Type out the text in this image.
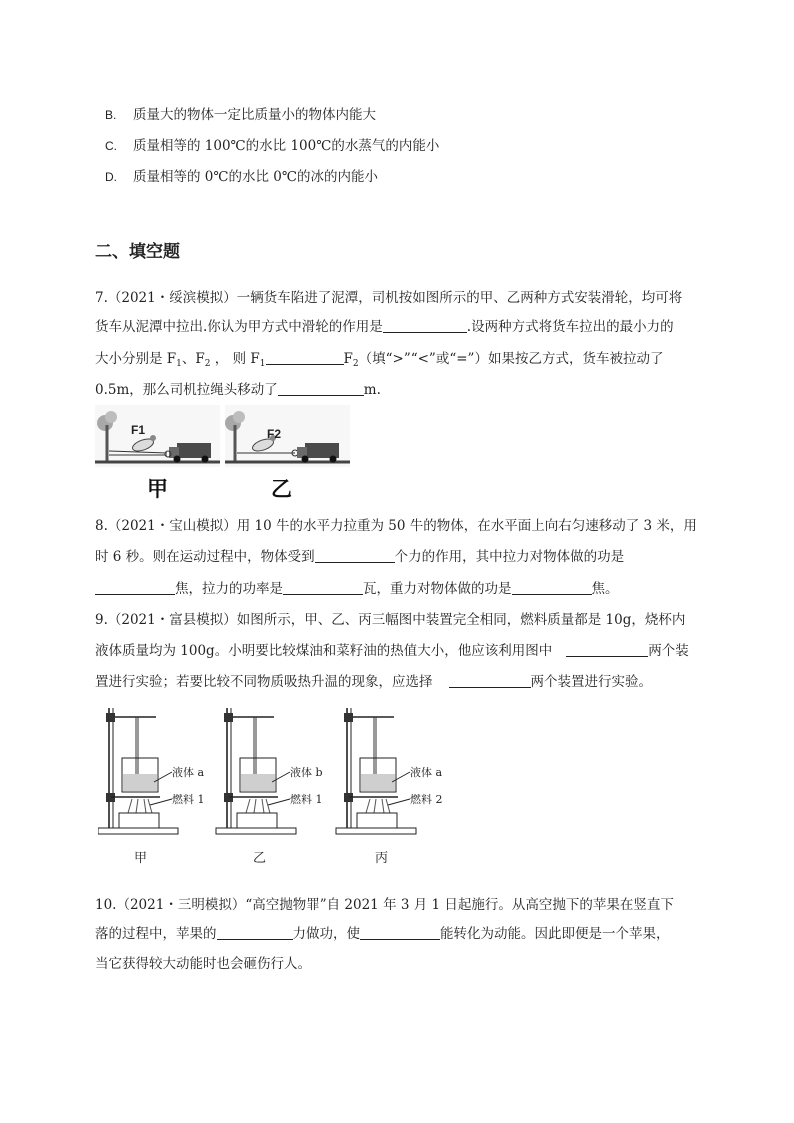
B. 质量大的物体一定比质量小的物体内能大
C. 质量相等的 100℃的水比 100℃的水蒸气的内能小
D. 质量相等的 0℃的水比 0℃的冰的内能小
二、填空题
7.（2021・绥滨模拟）一辆货车陷进了泥潭，司机按如图所示的甲、乙两种方式安装滑轮，均可将
货车从泥潭中拉出.你认为甲方式中滑轮的作用是	.设两种方式将货车拉出的最小力的
大小分别是 $F_1$、$F_2$ ， 则 $F_1$	$F_2$（填“>”“<”或“=”）如果按乙方式，货车被拉动了
0.5m，那么司机拉绳头移动了	m.
F1	F2
甲	乙
8.（2021・宝山模拟）用 10 牛的水平力拉重为 50 牛的物体，在水平面上向右匀速移动了 3 米，用
时 6 秒。则在运动过程中，物体受到	个力的作用，其中拉力对物体做的功是
焦，拉力的功率是	瓦，重力对物体做的功是	焦。
9.（2021・富县模拟）如图所示，甲、乙、丙三幅图中装置完全相同，燃料质量都是 10g，烧杯内
液体质量均为 100g。小明要比较煤油和菜籽油的热值大小，他应该利用图中	两个装
置进行实验；若要比较不同物质吸热升温的现象，应选择	两个装置进行实验。
液体 a
燃料 1
甲
液体 b
燃料 1
乙
液体 a
燃料 2
丙
10.（2021・三明模拟）“高空抛物罪”自 2021 年 3 月 1 日起施行。从高空抛下的苹果在竖直下
落的过程中，苹果的	力做功，使	能转化为动能。因此即便是一个苹果，
当它获得较大动能时也会砸伤行人。
